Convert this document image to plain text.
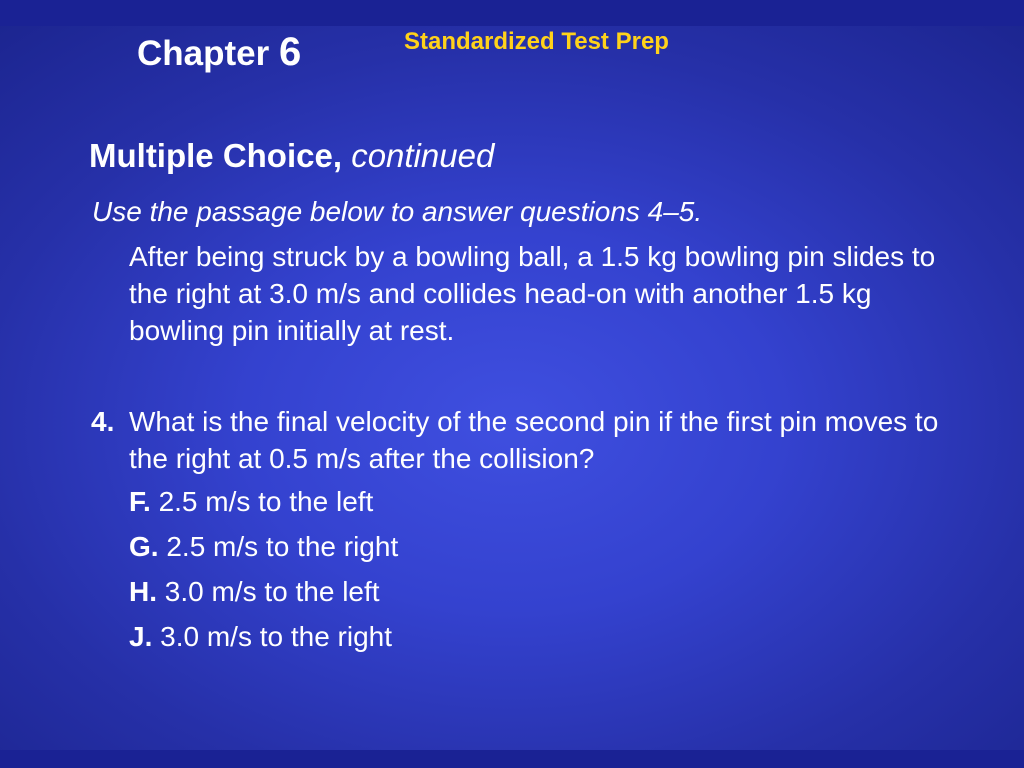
Chapter 6	Standardized Test Prep
Multiple Choice, continued
Use the passage below to answer questions 4–5.
After being struck by a bowling ball, a 1.5 kg bowling pin slides to the right at 3.0 m/s and collides head-on with another 1.5 kg bowling pin initially at rest.
4. What is the final velocity of the second pin if the first pin moves to the right at 0.5 m/s after the collision?
F. 2.5 m/s to the left
G. 2.5 m/s to the right
H. 3.0 m/s to the left
J. 3.0 m/s to the right
